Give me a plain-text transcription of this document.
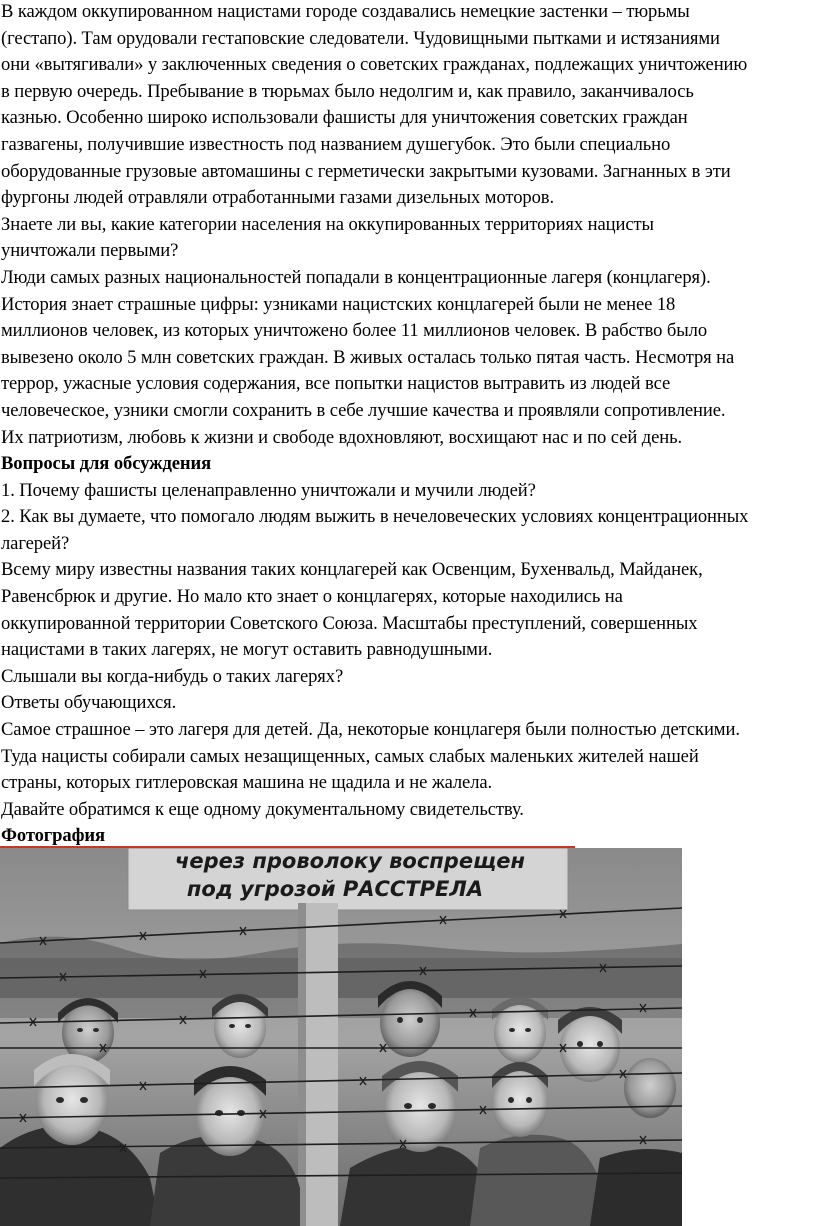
В каждом оккупированном нацистами городе создавались немецкие застенки – тюрьмы
(гестапо). Там орудовали гестаповские следователи. Чудовищными пытками и истязаниями
они «вытягивали» у заключенных сведения о советских гражданах, подлежащих уничтожению
в первую очередь. Пребывание в тюрьмах было недолгим и, как правило, заканчивалось
казнью. Особенно широко использовали фашисты для уничтожения советских граждан
газвагены, получившие известность под названием душегубок. Это были специально
оборудованные грузовые автомашины с герметически закрытыми кузовами. Загнанных в эти
фургоны людей отравляли отработанными газами дизельных моторов.
Знаете ли вы, какие категории населения на оккупированных территориях нацисты
уничтожали первыми?
Люди самых разных национальностей попадали в концентрационные лагеря (концлагеря).
История знает страшные цифры: узниками нацистских концлагерей были не менее 18
миллионов человек, из которых уничтожено более 11 миллионов человек. В рабство было
вывезено около 5 млн советских граждан. В живых осталась только пятая часть. Несмотря на
террор, ужасные условия содержания, все попытки нацистов вытравить из людей все
человеческое, узники смогли сохранить в себе лучшие качества и проявляли сопротивление.
Их патриотизм, любовь к жизни и свободе вдохновляют, восхищают нас и по сей день.
Вопросы для обсуждения
1. Почему фашисты целенаправленно уничтожали и мучили людей?
2. Как вы думаете, что помогало людям выжить в нечеловеческих условиях концентрационных
лагерей?
Всему миру известны названия таких концлагерей как Освенцим, Бухенвальд, Майданек,
Равенсбрюк и другие. Но мало кто знает о концлагерях, которые находились на
оккупированной территории Советского Союза. Масштабы преступлений, совершенных
нацистами в таких лагерях, не могут оставить равнодушными.
Слышали вы когда-нибудь о таких лагерях?
Ответы обучающихся.
Самое страшное – это лагеря для детей. Да, некоторые концлагеря были полностью детскими.
Туда нацисты собирали самых незащищенных, самых слабых маленьких жителей нашей
страны, которых гитлеровская машина не щадила и не жалела.
Давайте обратимся к еще одному документальному свидетельству.
Фотография
через проволоку воспрещен
под угрозой РАССТРЕЛА
